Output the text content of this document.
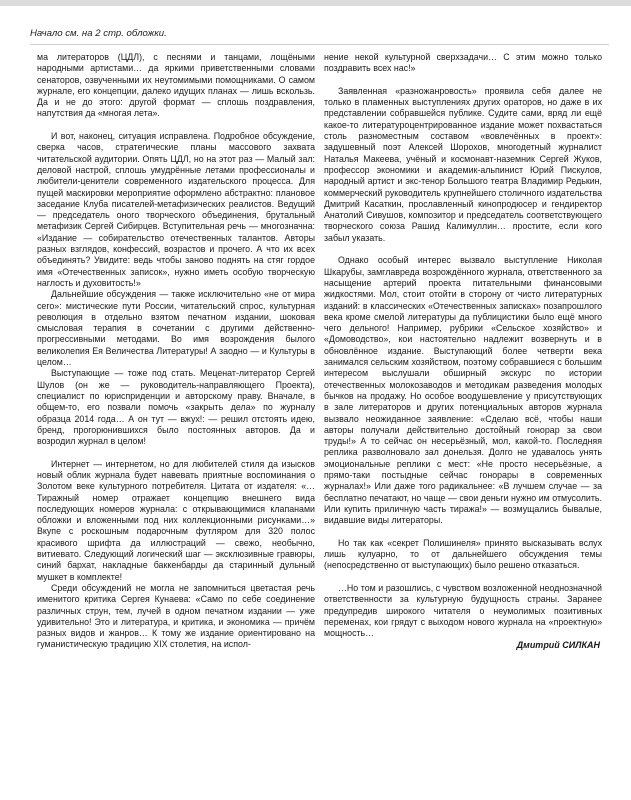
Начало см. на 2 стр. обложки.

ма литераторов (ЦДЛ), с песнями и танцами, лощёными народными артистами… да яркими приветственными словами сенаторов, озвученными их неутомимыми помощниками. О самом журнале, его концепции, далеко идущих планах — лишь вскользь. Да и не до этого: другой формат — сплошь поздравления, напутствия да «многая лета».

И вот, наконец, ситуация исправлена. Подробное обсуждение, сверка часов, стратегические планы массового захвата читательской аудитории. Опять ЦДЛ, но на этот раз — Малый зал: деловой настрой, сплошь умудрённые летами профессионалы и любители-ценители современного издательского процесса. Для пущей маскировки мероприятие оформлено абстрактно: плановое заседание Клуба писателей-метафизических реалистов. Ведущий — председатель оного творческого объединения, брутальный метафизик Сергей Сибирцев. Вступительная речь — многозначна: «Издание — собирательство отечественных талантов. Авторы разных взглядов, конфессий, возрастов и прочего. А что их всех объединять? Увидите: ведь чтобы заново поднять на стяг гордое имя «Отечественных записок», нужно иметь особую творческую наглость и духовитость!»

Дальнейшие обсуждения — также исключительно «не от мира сего»: мистические пути России, читательский спрос, культурная революция в отдельно взятом печатном издании, шоковая смысловая терапия в сочетании с другими действенно-прогрессивными методами. Во имя возрождения былого великолепия Ея Величества Литературы! А заодно — и Культуры в целом…

Выступающие — тоже под стать. Меценат-литератор Сергей Шулов (он же — руководитель-направляющего Проекта), специалист по юрисприденции и авторскому праву. Вначале, в общем-то, его позвали помочь «закрыть дела» по журналу образца 2014 года… А он тут — вжух!: — решил отстоять идею, бренд, прогорюнившихся было постоянных авторов. Да и возродил журнал в целом!

Интернет — интернетом, но для любителей стиля да изысков новый облик журнала будет навевать приятные воспоминания о Золотом веке культурного потребителя. Цитата от издателя: «…Тиражный номер отражает концепцию внешнего вида последующих номеров журнала: с открывающимися клапанами обложки и вложенными под них коллекционными рисунками…» Вкупе с роскошным подарочным футляром для 320 полос красивого шрифта да иллюстраций — свежо, необычно, витиевато. Следующий логический шаг — эксклюзивные гравюры, синий бархат, накладные баккенбарды да старинный дульный мушкет в комплекте!

Среди обсуждений не могла не запомниться цветастая речь именитого критика Сергея Кунаева: «Само по себе соединение различных струн, тем, лучей в одном печатном издании — уже удивительно! Это и литература, и критика, и экономика — причём разных видов и жанров… К тому же издание ориентировано на гуманистическую традицию XIX столетия, на испол-

нение некой культурной сверхзадачи… С этим можно только поздравить всех нас!»

Заявленная «разножанровость» проявила себя далее не только в пламенных выступлениях других ораторов, но даже в их представлении собравшейся публике. Судите сами, вряд ли ещё какое-то литературоцентрированное издание может похвастаться столь разноместным составом «вовлечённых в проект»: задушевный поэт Алексей Шорохов, многодетный журналист Наталья Макеева, учёный и космонавт-наземник Сергей Жуков, профессор экономики и академик-альпинист Юрий Пискулов, народный артист и экс-тенор Большого театра Владимир Редькин, коммерческий руководитель крупнейшего столичного издательства Дмитрий Касаткин, прославленный кинопродюсер и гендиректор Анатолий Сивушов, композитор и председатель соответствующего творческого союза Рашид Калимуллин… простите, если кого забыл указать.

Однако особый интерес вызвало выступление Николая Шкарубы, замглавреда возрождённого журнала, ответственного за насыщение артерий проекта питательными финансовыми жидкостями. Мол, стоит отойти в сторону от чисто литературных изданий: в классических «Отечественных записках» позапрошлого века кроме смелой литературы да публицистики было ещё много чего дельного! Например, рубрики «Сельское хозяйство» и «Домоводство», кои настоятельно надлежит возвернуть и в обновлённое издание. Выступающий более четверти века занимался сельским хозяйством, поэтому собравшиеся с большим интересом выслушали обширный экскурс по истории отечественных молокозаводов и методикам разведения молодых бычков на продажу. Но особое воодушевление у присутствующих в зале литераторов и других потенциальных авторов журнала вызвало неожиданное заявление: «Сделаю всё, чтобы наши авторы получали действительно достойный гонорар за свои труды!» А то сейчас он несерьёзный, мол, какой-то. Последняя реплика разволновало зал донельзя. Долго не удавалось унять эмоциональные реплики с мест: «Не просто несерьёзные, а прямо-таки постыдные сейчас гонорары в современных журналах!» Или даже того радикальнее: «В лучшем случае — за бесплатно печатают, но чаще — свои деньги нужно им отмусолить. Или купить приличную часть тиража!» — возмущались бывалые, видавшие виды литераторы.

Но так как «секрет Полишинеля» принято высказывать вслух лишь кулуарно, то от дальнейшего обсуждения темы (непосредственно от выступающих) было решено отказаться.

…Но том и разошлись, с чувством возложенной неоднозначной ответственности за культурную будущность страны. Заранее предупредив широкого читателя о неумолимых позитивных переменах, кои грядут с выходом нового журнала на «проектную» мощность…

Дмитрий СИЛКАН
